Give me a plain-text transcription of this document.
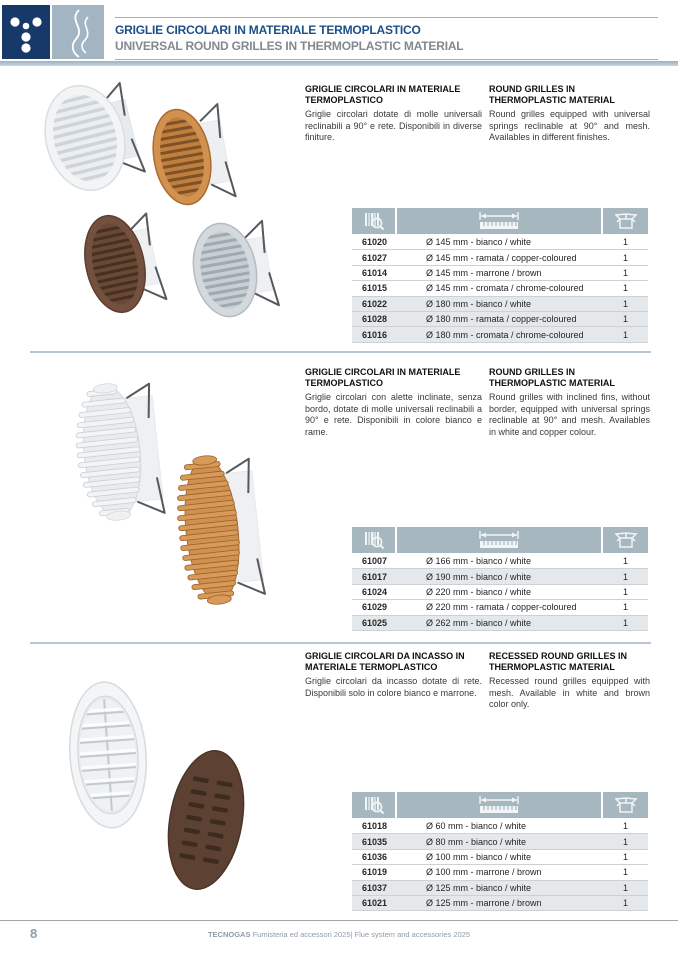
GRIGLIE CIRCOLARI IN MATERIALE TERMOPLASTICO
UNIVERSAL ROUND GRILLES IN THERMOPLASTIC MATERIAL
GRIGLIE CIRCOLARI IN MATERIALE TERMOPLASTICO

Griglie circolari dotate di molle universali reclinabili a 90° e rete. Disponibili in diverse finiture.

ROUND GRILLES IN THERMOPLASTIC MATERIAL

Round grilles equipped with universal springs reclinable at 90° and mesh. Availables in different finishes.

GRIGLIE CIRCOLARI IN MATERIALE TERMOPLASTICO

Griglie circolari con alette inclinate, senza bordo, dotate di molle universali reclinabili a 90° e rete. Disponibili in colore bianco e rame.

ROUND GRILLES IN THERMOPLASTIC MATERIAL

Round grilles with inclined fins, without border, equipped with universal springs reclinable at 90° and mesh. Availables in white and copper colour.

GRIGLIE CIRCOLARI DA INCASSO IN MATERIALE TERMOPLASTICO

Griglie circolari da incasso dotate di rete. Disponibili solo in colore bianco e marrone.

RECESSED ROUND GRILLES IN THERMOPLASTIC MATERIAL

Recessed round grilles equipped with mesh. Available in white and brown color only.

61020	Ø 145 mm - bianco / white	1
61027	Ø 145 mm - ramata / copper-coloured	1
61014	Ø 145 mm - marrone / brown	1
61015	Ø 145 mm - cromata / chrome-coloured	1
61022	Ø 180 mm - bianco / white	1
61028	Ø 180 mm - ramata / copper-coloured	1
61016	Ø 180 mm - cromata / chrome-coloured	1
61007	Ø 166 mm - bianco / white	1
61017	Ø 190 mm - bianco / white	1
61024	Ø 220 mm - bianco / white	1
61029	Ø 220 mm - ramata / copper-coloured	1
61025	Ø 262 mm - bianco / white	1
61018	Ø 60 mm - bianco / white	1
61035	Ø 80 mm - bianco / white	1
61036	Ø 100 mm - bianco / white	1
61019	Ø 100 mm - marrone / brown	1
61037	Ø 125 mm - bianco / white	1
61021	Ø 125 mm - marrone / brown	1
8	TECNOGAS Fumisteria ed accessori 2025| Flue system and accessories 2025
